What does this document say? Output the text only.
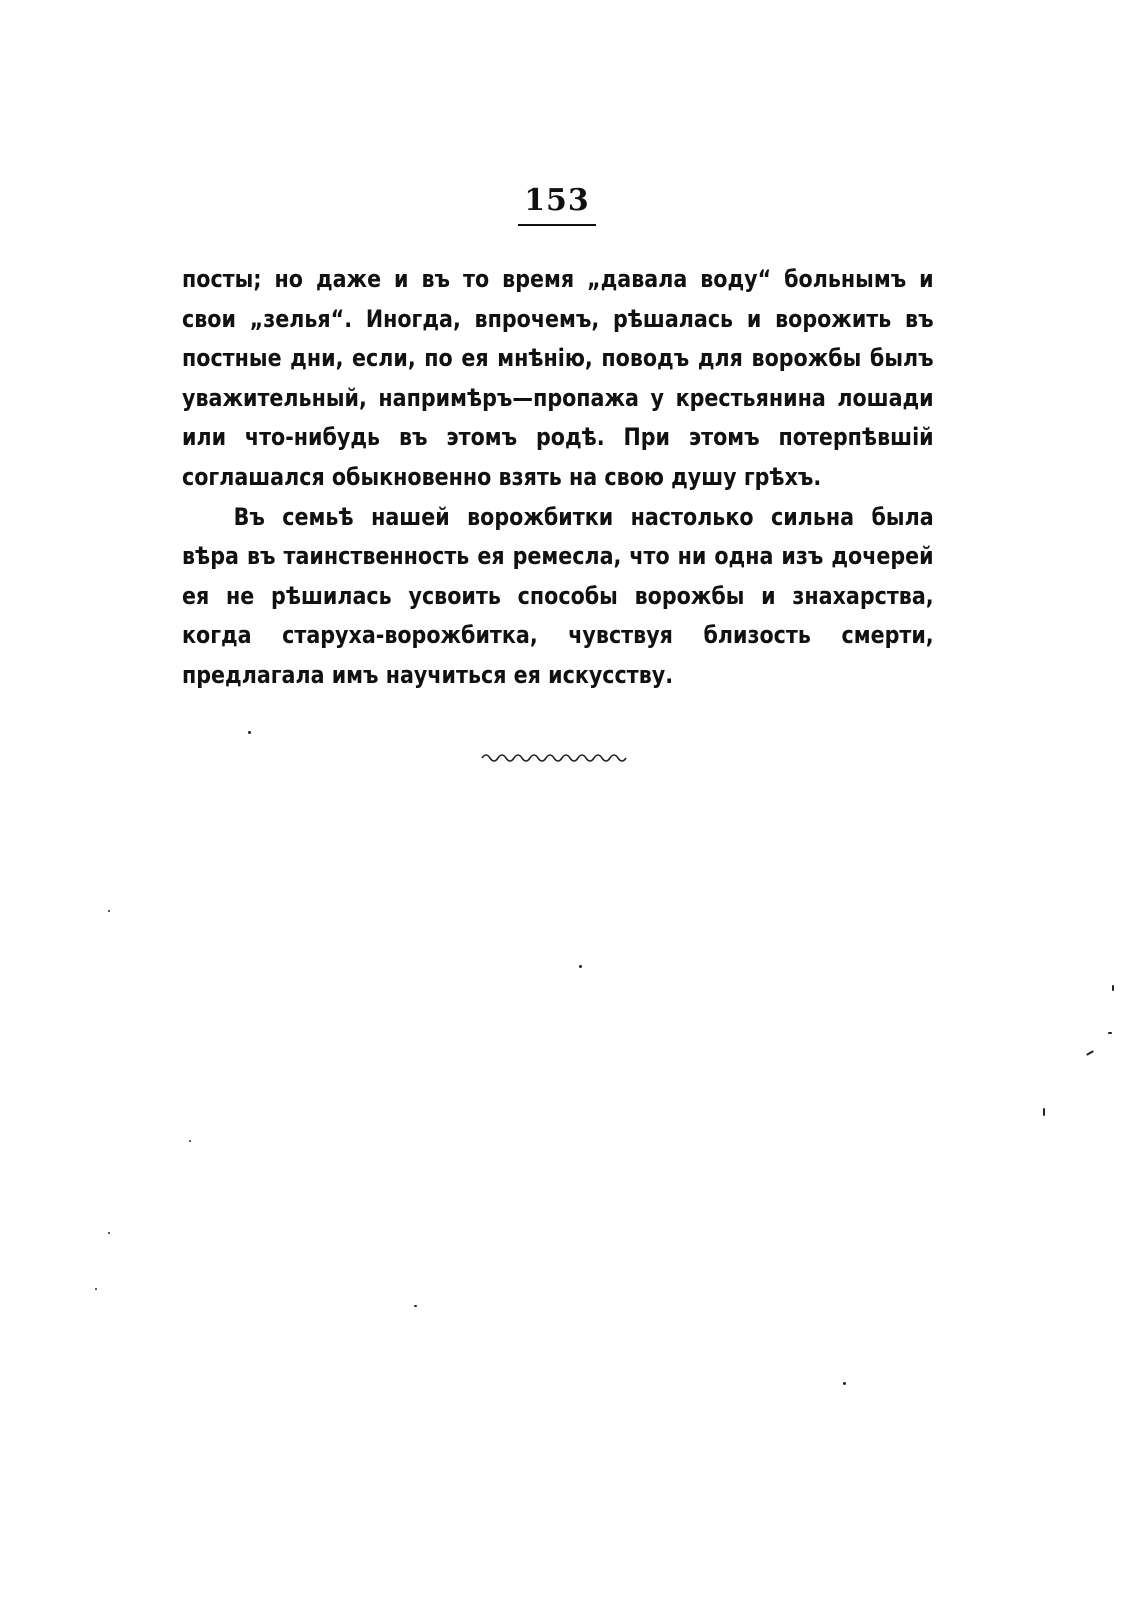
153

посты; но даже и въ то время „давала воду“ больнымъ и свои „зелья“. Иногда, впрочемъ, рѣшалась и ворожить въ постные дни, если, по ея мнѣнію, поводъ для ворожбы былъ уважительный, напримѣръ—пропажа у крестьянина лошади или что-нибудь въ этомъ родѣ. При этомъ потерпѣвшій соглашался обыкновенно взять на свою душу грѣхъ.

Въ семьѣ нашей ворожбитки настолько сильна была вѣра въ таинственность ея ремесла, что ни одна изъ дочерей ея не рѣшилась усвоить способы ворожбы и знахарства, когда старуха-ворожбитка, чувствуя близость смерти, предлагала имъ научиться ея искусству.
